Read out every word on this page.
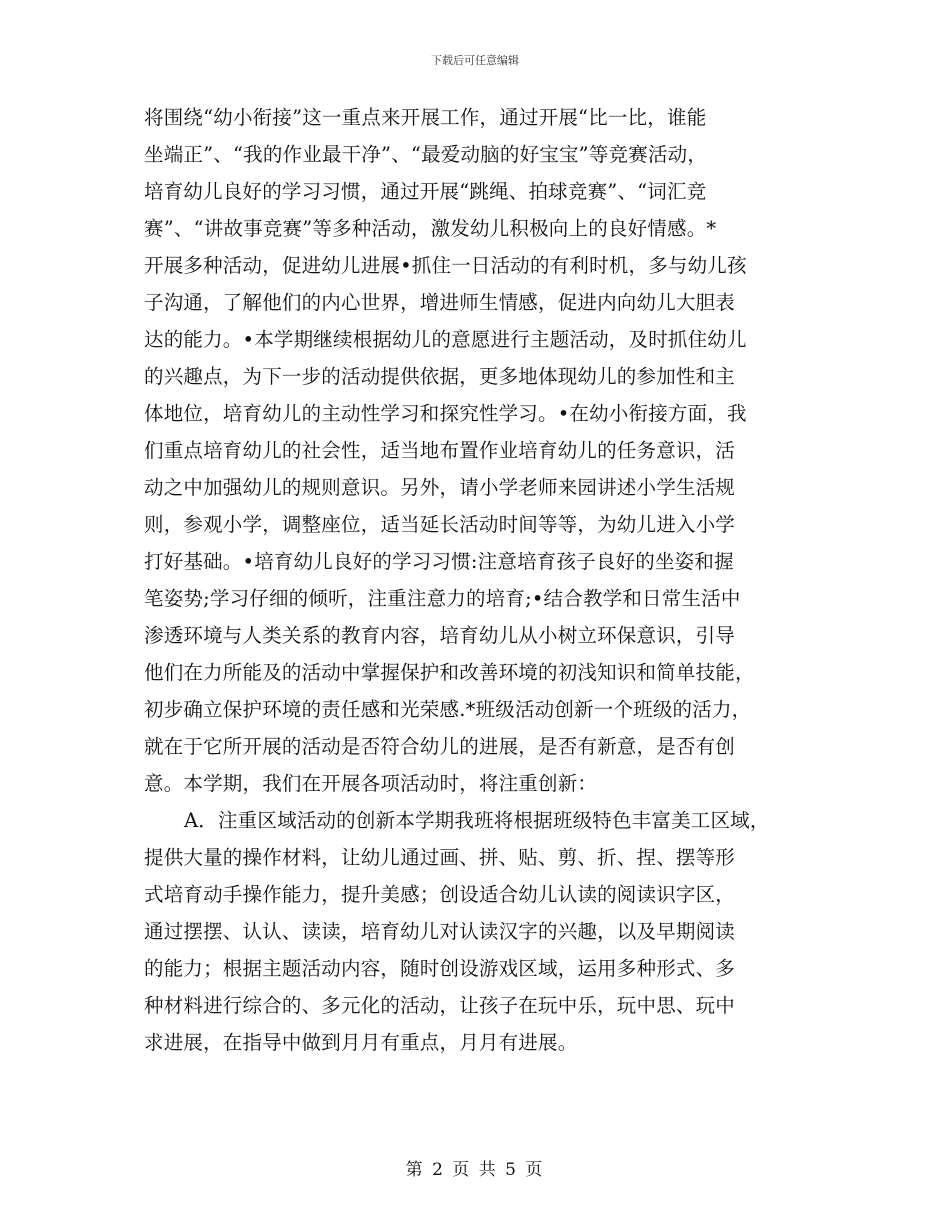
下载后可任意编辑
将围绕“幼小衔接”这一重点来开展工作，通过开展“比一比，谁能
坐端正”、“我的作业最干净”、“最爱动脑的好宝宝”等竞赛活动，
培育幼儿良好的学习习惯，通过开展“跳绳、拍球竞赛”、“词汇竞
赛”、“讲故事竞赛”等多种活动，激发幼儿积极向上的良好情感。*
开展多种活动，促进幼儿进展•抓住一日活动的有利时机，多与幼儿孩
子沟通，了解他们的内心世界，增进师生情感，促进内向幼儿大胆表
达的能力。•本学期继续根据幼儿的意愿进行主题活动，及时抓住幼儿
的兴趣点，为下一步的活动提供依据，更多地体现幼儿的参加性和主
体地位，培育幼儿的主动性学习和探究性学习。•在幼小衔接方面，我
们重点培育幼儿的社会性，适当地布置作业培育幼儿的任务意识，活
动之中加强幼儿的规则意识。另外，请小学老师来园讲述小学生活规
则，参观小学，调整座位，适当延长活动时间等等，为幼儿进入小学
打好基础。•培育幼儿良好的学习习惯:注意培育孩子良好的坐姿和握
笔姿势;学习仔细的倾听，注重注意力的培育;•结合教学和日常生活中
渗透环境与人类关系的教育内容，培育幼儿从小树立环保意识，引导
他们在力所能及的活动中掌握保护和改善环境的初浅知识和简单技能，
初步确立保护环境的责任感和光荣感.*班级活动创新一个班级的活力，
就在于它所开展的活动是否符合幼儿的进展，是否有新意，是否有创
意。本学期，我们在开展各项活动时，将注重创新：
A．注重区域活动的创新本学期我班将根据班级特色丰富美工区域，
提供大量的操作材料，让幼儿通过画、拼、贴、剪、折、捏、摆等形
式培育动手操作能力，提升美感；创设适合幼儿认读的阅读识字区，
通过摆摆、认认、读读，培育幼儿对认读汉字的兴趣，以及早期阅读
的能力；根据主题活动内容，随时创设游戏区域，运用多种形式、多
种材料进行综合的、多元化的活动，让孩子在玩中乐，玩中思、玩中
求进展，在指导中做到月月有重点，月月有进展。
第 2 页 共 5 页
